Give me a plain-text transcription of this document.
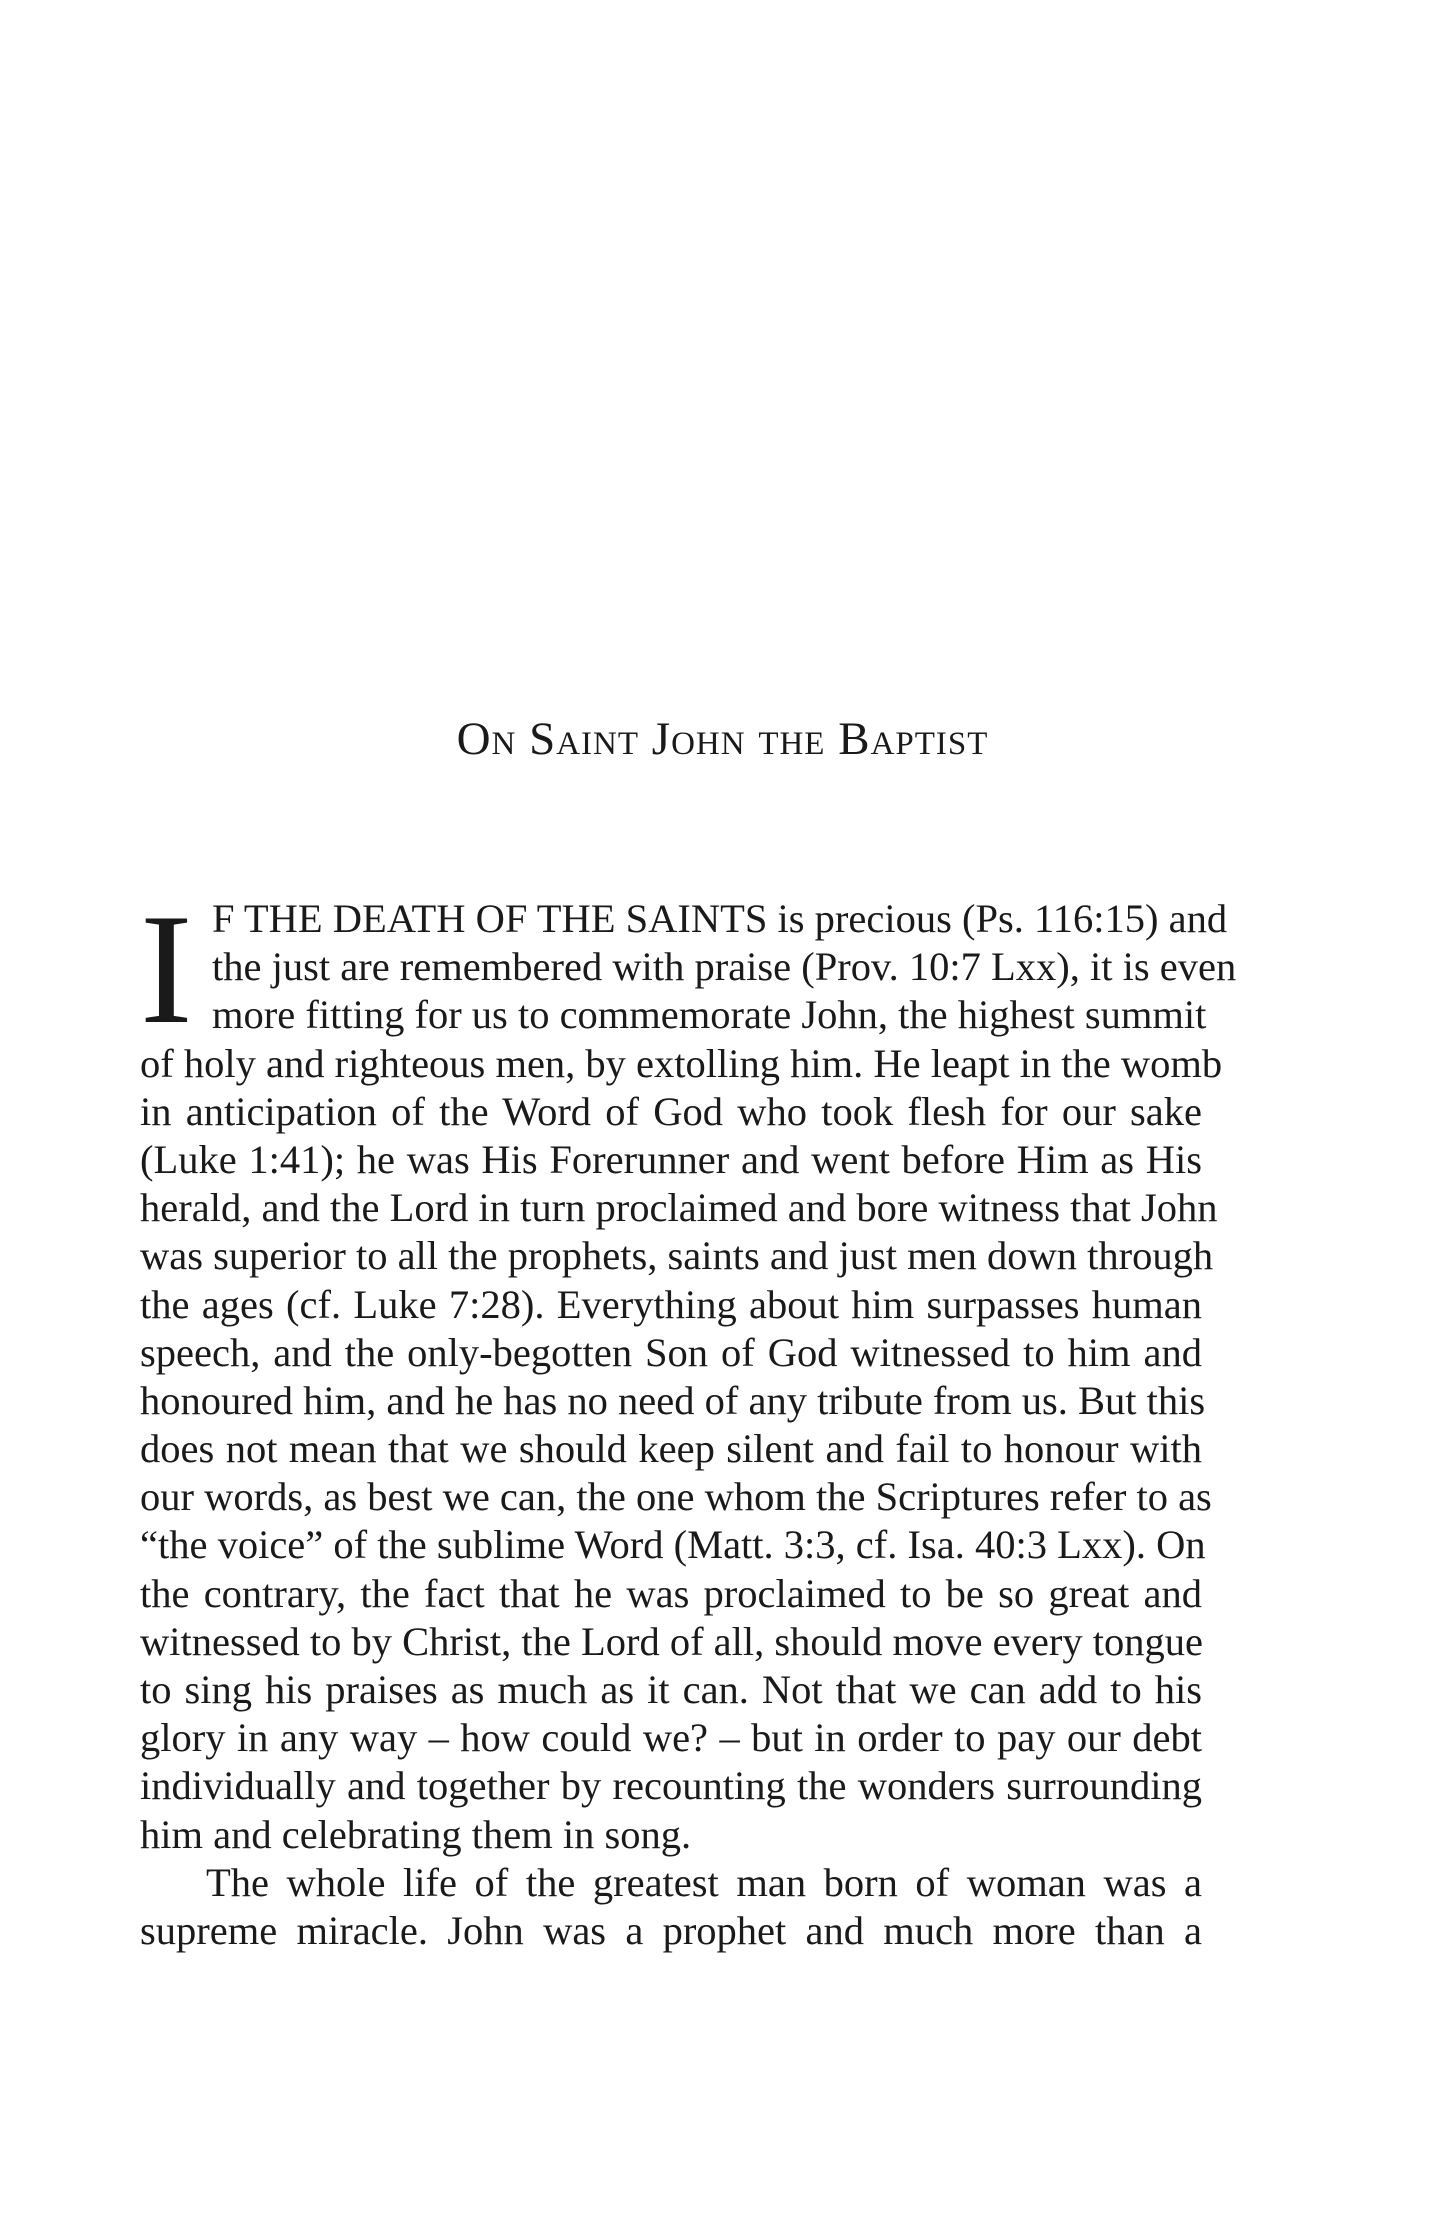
On Saint John the Baptist
I F THE DEATH OF THE SAINTS is precious (Ps. 116:15) and
the just are remembered with praise (Prov. 10:7 Lxx), it is even
more fitting for us to commemorate John, the highest summit
of holy and righteous men, by extolling him. He leapt in the womb
in anticipation of the Word of God who took flesh for our sake
(Luke 1:41); he was His Forerunner and went before Him as His
herald, and the Lord in turn proclaimed and bore witness that John
was superior to all the prophets, saints and just men down through
the ages (cf. Luke 7:28). Everything about him surpasses human
speech, and the only-begotten Son of God witnessed to him and
honoured him, and he has no need of any tribute from us. But this
does not mean that we should keep silent and fail to honour with
our words, as best we can, the one whom the Scriptures refer to as
“the voice” of the sublime Word (Matt. 3:3, cf. Isa. 40:3 Lxx). On
the contrary, the fact that he was proclaimed to be so great and
witnessed to by Christ, the Lord of all, should move every tongue
to sing his praises as much as it can. Not that we can add to his
glory in any way – how could we? – but in order to pay our debt
individually and together by recounting the wonders surrounding
him and celebrating them in song.
The whole life of the greatest man born of woman was a
supreme miracle. John was a prophet and much more than a
